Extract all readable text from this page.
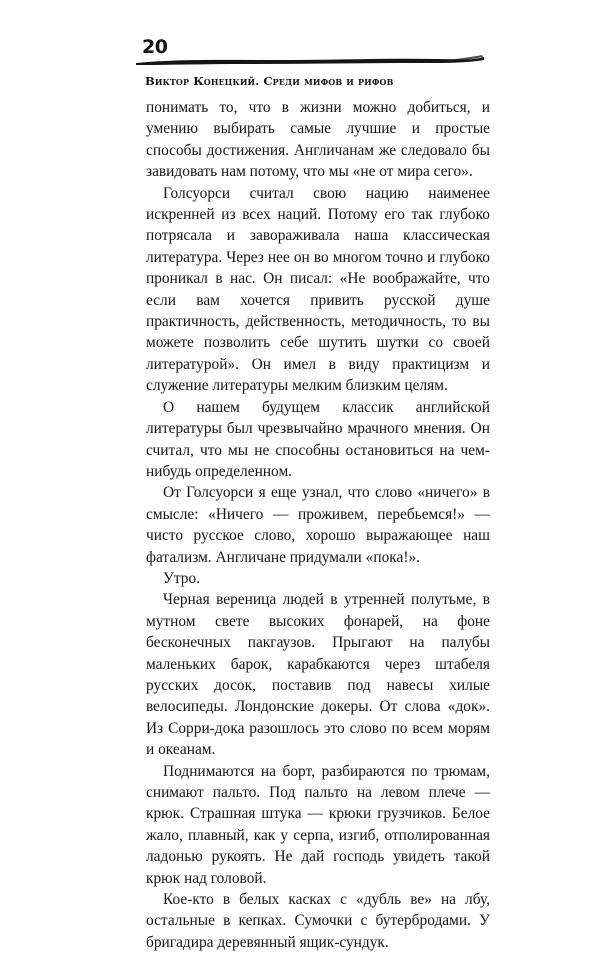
20
Виктор Конецкий. Среди мифов и рифов

понимать то, что в жизни можно добиться, и умению выбирать самые лучшие и простые способы достижения. Англичанам же следовало бы завидовать нам потому, что мы «не от мира сего».

Голсуорси считал свою нацию наименее искренней из всех наций. Потому его так глубоко потрясала и завораживала наша классическая литература. Через нее он во многом точно и глубоко проникал в нас. Он писал: «Не воображайте, что если вам хочется привить русской душе практичность, действенность, методичность, то вы можете позволить себе шутить шутки со своей литературой». Он имел в виду практицизм и служение литературы мелким близким целям.

О нашем будущем классик английской литературы был чрезвычайно мрачного мнения. Он считал, что мы не способны остановиться на чем-нибудь определенном.

От Голсуорси я еще узнал, что слово «ничего» в смысле: «Ничего — проживем, перебьемся!» — чисто русское слово, хорошо выражающее наш фатализм. Англичане придумали «пока!».

Утро.

Черная вереница людей в утренней полутьме, в мутном свете высоких фонарей, на фоне бесконечных пакгаузов. Прыгают на палубы маленьких барок, карабкаются через штабеля русских досок, поставив под навесы хилые велосипеды. Лондонские докеры. От слова «док». Из Сорри-дока разошлось это слово по всем морям и океанам.

Поднимаются на борт, разбираются по трюмам, снимают пальто. Под пальто на левом плече — крюк. Страшная штука — крюки грузчиков. Белое жало, плавный, как у серпа, изгиб, отполированная ладонью рукоять. Не дай господь увидеть такой крюк над головой.

Кое-кто в белых касках с «дубль ве» на лбу, остальные в кепках. Сумочки с бутербродами. У бригадира деревянный ящик-сундук.
